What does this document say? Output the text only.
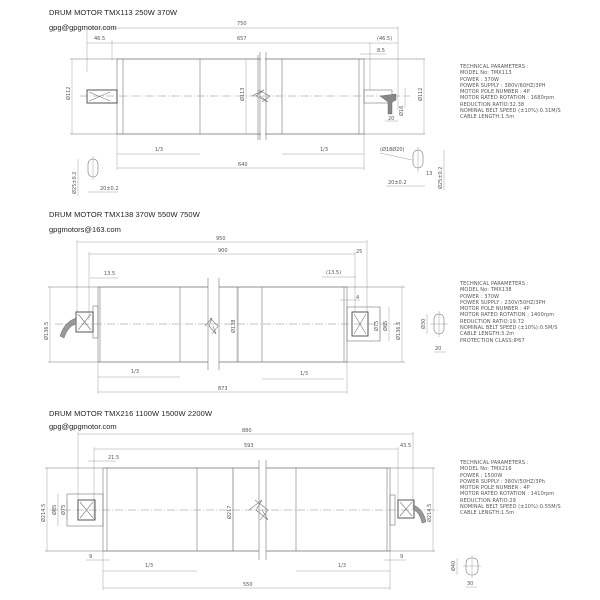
DRUM MOTOR TMX113 250W 370W
gpg@gpgmotor.com
TECHNICAL PARAMETERS :
MODEL No: TMX113
POWER : 370W
POWER SUPPLY : 380V/60HZ/3PH
MOTOR POLE NUMBER : 4P
MOTOR RATED ROTATION : 1680rpm
REDUCTION RATIO:32.38
NOMINAL BELT SPEED (±10%):0.31M/S
CABLE LENGTH:1.5m
DRUM MOTOR TMX138 370W 550W 750W
gpgmotors@163.com
TECHNICAL PARAMETERS :
MODEL No: TMX138
POWER : 370W
POWER SUPPLY : 230V/50HZ/3PH
MOTOR POLE NUMBER : 4P
MOTOR RATED ROTATION : 1400rpm
REDUCTION RATIO:19.72
NOMINAL BELT SPEED (±10%):0.5M/S
CABLE LENGTH:3.2m
PROTECTION CLASS:IP67
DRUM MOTOR TMX216 1100W 1500W 2200W
gpg@gpgmotor.com
TECHNICAL PARAMETERS :
MODEL No: TMX216
POWER : 1500W
POWER SUPPLY : 380V/50HZ/3Ph
MOTOR POLE NUMBER : 4P
MOTOR RATED ROTATION : 1410rpm
REDUCTION RATIO:29
NOMINAL BELT SPEED (±10%):0.55M/S
CABLE LENGTH:1.5m
750
657
46.5	(46.5)
8.5
Ø112	Ø113	Ø112
Ø16
20
1/3	1/3
640
Ø25±0.2	20±0.2
(Ø18Ø20)
Ø25±0.2
13
20±0.2
950
900	25
13.5	(13.5)
4
Ø136.5	Ø138	Ø136.5
Ø75 Ø65
1/3	1/3
873
Ø30
20
880
593	43.5
21.5
Ø214.5	Ø217	Ø214.5
Ø85 Ø75
9	9
1/3	1/3
550
Ø40
30
